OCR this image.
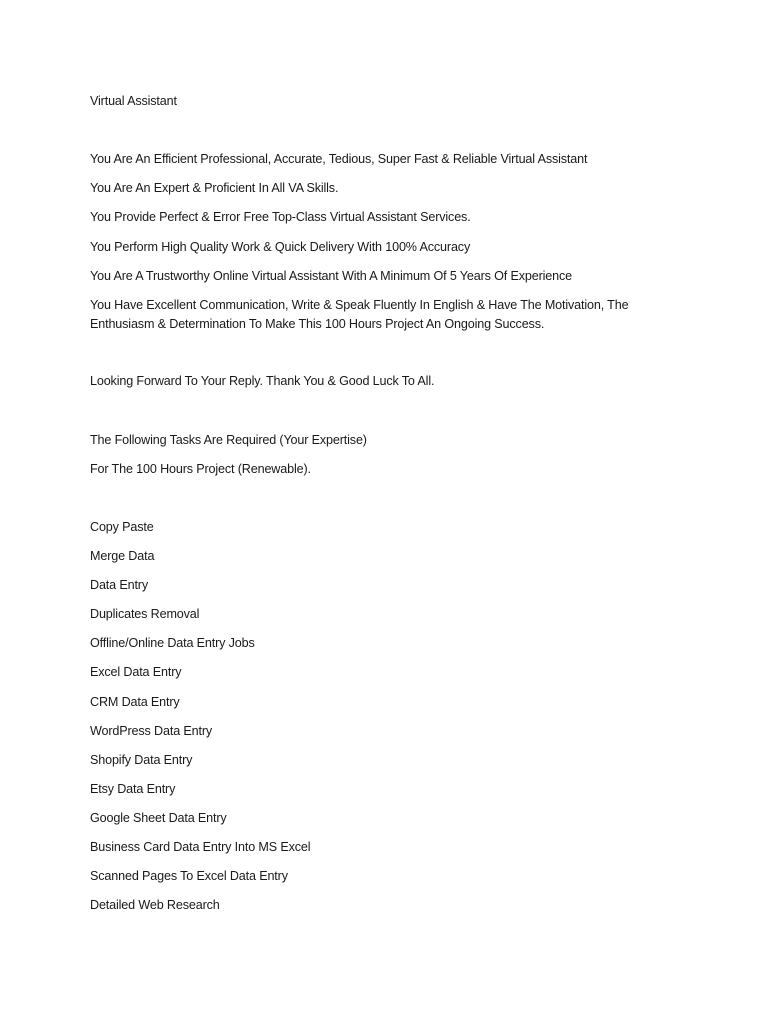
Virtual Assistant
You Are An Efficient Professional, Accurate, Tedious, Super Fast & Reliable Virtual Assistant
You Are An Expert & Proficient In All VA Skills.
You Provide Perfect & Error Free Top-Class Virtual Assistant Services.
You Perform High Quality Work & Quick Delivery With 100% Accuracy
You Are A Trustworthy Online Virtual Assistant With A Minimum Of 5 Years Of Experience
You Have Excellent Communication, Write & Speak Fluently In English & Have The Motivation, The Enthusiasm & Determination To Make This 100 Hours Project An Ongoing Success.
Looking Forward To Your Reply. Thank You & Good Luck To All.
The Following Tasks Are Required (Your Expertise)
For The 100 Hours Project (Renewable).
Copy Paste
Merge Data
Data Entry
Duplicates Removal
Offline/Online Data Entry Jobs
Excel Data Entry
CRM Data Entry
WordPress Data Entry
Shopify Data Entry
Etsy Data Entry
Google Sheet Data Entry
Business Card Data Entry Into MS Excel
Scanned Pages To Excel Data Entry
Detailed Web Research
